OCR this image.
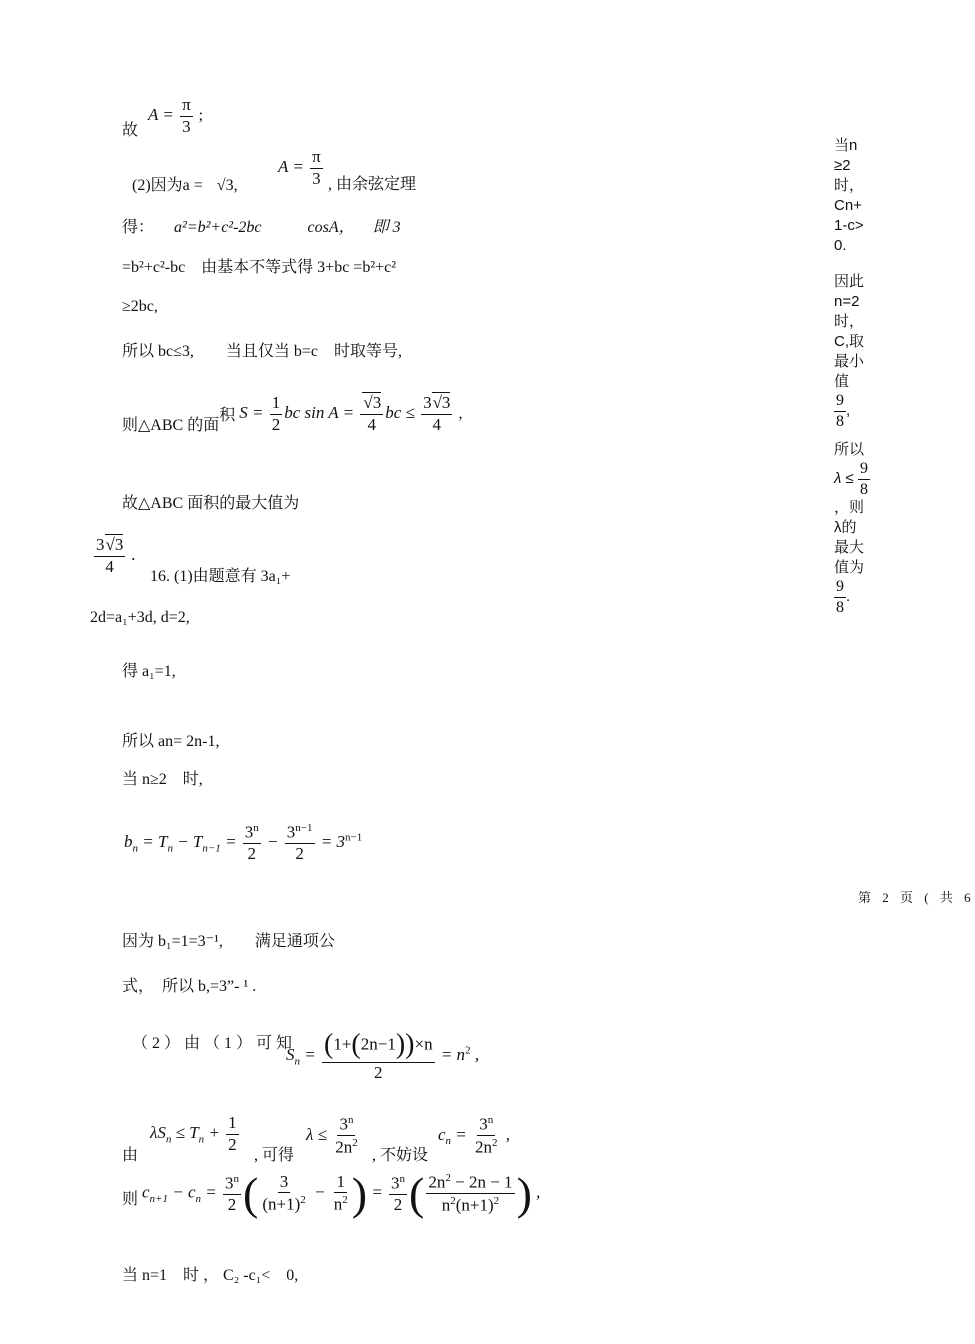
故 $A = \frac{\pi}{3}$ ;
(2)因为a = √3,
$A = \frac{\pi}{3}$ , 由余弦定理
得： a²=b²+c²-2bc	cosA， 即 3
=b²+c²-bc　由基本不等式得 3+bc =b²+c²
≥2bc,
所以 bc≤3,　　当且仅当 b=c　时取等号,
则△ABC 的面积 $S = \frac{1}{2}$ bc $\sin A = \frac{√3}{4}$ bc ≤ $\frac{3√3}{4}$ ,
故△ABC 面积的最大值为
$\frac{3√3}{4}$ .
16. (1)由题意有 3a₁+
2d=a₁+3d, d=2,
得 a₁=1,
所以 an= 2n-1,
当 n≥2　时,
$b_n = T_n - T_{n-1} = \frac{3^n}{2} - \frac{3^{n-1}}{2} = 3^{n-1}$
因为 b₁=1=3⁻¹,　　满足通项公
式，　所以 b,=3”- ¹ .
（ 2 ） 由 （ 1 ） 可 知
$S_n = \frac{(1+(2n-1))\times n}{2} = n^2$ ,
由
$\lambda S_n \le T_n + \frac{1}{2}$
, 可得
$\lambda \le \frac{3^n}{2n^2}$ , 不妨设
$c_n = \frac{3^n}{2n^2}$ ,
则 $c_{n+1} - c_n = \frac{3^n}{2}$ ( $\frac{3}{(n+1)^2} - \frac{1}{n^2}$ ) = $\frac{3^n}{2}$ ( $\frac{2n^2 - 2n - 1}{n^2(n+1)^2}$ ) ,
当 n=1　时 ， C₂ -c₁<　0,
当n≥2时，Cn+1-c>0.
因此n=2时，C,取最小值
$\frac{9}{8}$ ,
所以
$\lambda \le \frac{9}{8}$
，则λ的最大值为
$\frac{9}{8}$ .
第 2 页 ( 共 6
